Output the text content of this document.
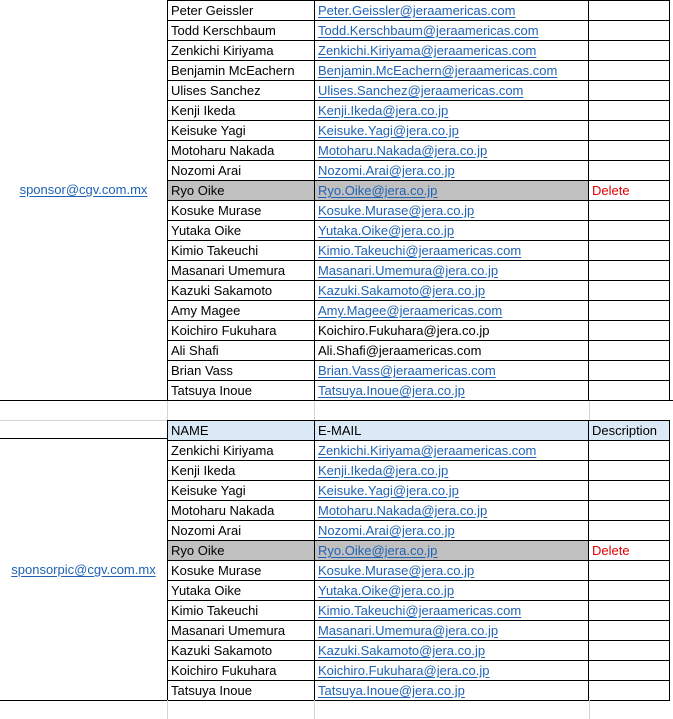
sponsor@cgv.com.mx
Peter Geissler	Peter.Geissler@jeraamericas.com	
Todd Kerschbaum	Todd.Kerschbaum@jeraamericas.com	
Zenkichi Kiriyama	Zenkichi.Kiriyama@jeraamericas.com	
Benjamin McEachern	Benjamin.McEachern@jeraamericas.com	
Ulises Sanchez	Ulises.Sanchez@jeraamericas.com	
Kenji Ikeda	Kenji.Ikeda@jera.co.jp	
Keisuke Yagi	Keisuke.Yagi@jera.co.jp	
Motoharu Nakada	Motoharu.Nakada@jera.co.jp	
Nozomi Arai	Nozomi.Arai@jera.co.jp	
Ryo Oike	Ryo.Oike@jera.co.jp	Delete
Kosuke Murase	Kosuke.Murase@jera.co.jp	
Yutaka Oike	Yutaka.Oike@jera.co.jp	
Kimio Takeuchi	Kimio.Takeuchi@jeraamericas.com	
Masanari Umemura	Masanari.Umemura@jera.co.jp	
Kazuki Sakamoto	Kazuki.Sakamoto@jera.co.jp	
Amy Magee	Amy.Magee@jeraamericas.com	
Koichiro Fukuhara	Koichiro.Fukuhara@jera.co.jp	
Ali Shafi	Ali.Shafi@jeraamericas.com	
Brian Vass	Brian.Vass@jeraamericas.com	
Tatsuya Inoue	Tatsuya.Inoue@jera.co.jp	
sponsorpic@cgv.com.mx
NAME	E-MAIL	Description
Zenkichi Kiriyama	Zenkichi.Kiriyama@jeraamericas.com	
Kenji Ikeda	Kenji.Ikeda@jera.co.jp	
Keisuke Yagi	Keisuke.Yagi@jera.co.jp	
Motoharu Nakada	Motoharu.Nakada@jera.co.jp	
Nozomi Arai	Nozomi.Arai@jera.co.jp	
Ryo Oike	Ryo.Oike@jera.co.jp	Delete
Kosuke Murase	Kosuke.Murase@jera.co.jp	
Yutaka Oike	Yutaka.Oike@jera.co.jp	
Kimio Takeuchi	Kimio.Takeuchi@jeraamericas.com	
Masanari Umemura	Masanari.Umemura@jera.co.jp	
Kazuki Sakamoto	Kazuki.Sakamoto@jera.co.jp	
Koichiro Fukuhara	Koichiro.Fukuhara@jera.co.jp	
Tatsuya Inoue	Tatsuya.Inoue@jera.co.jp	
